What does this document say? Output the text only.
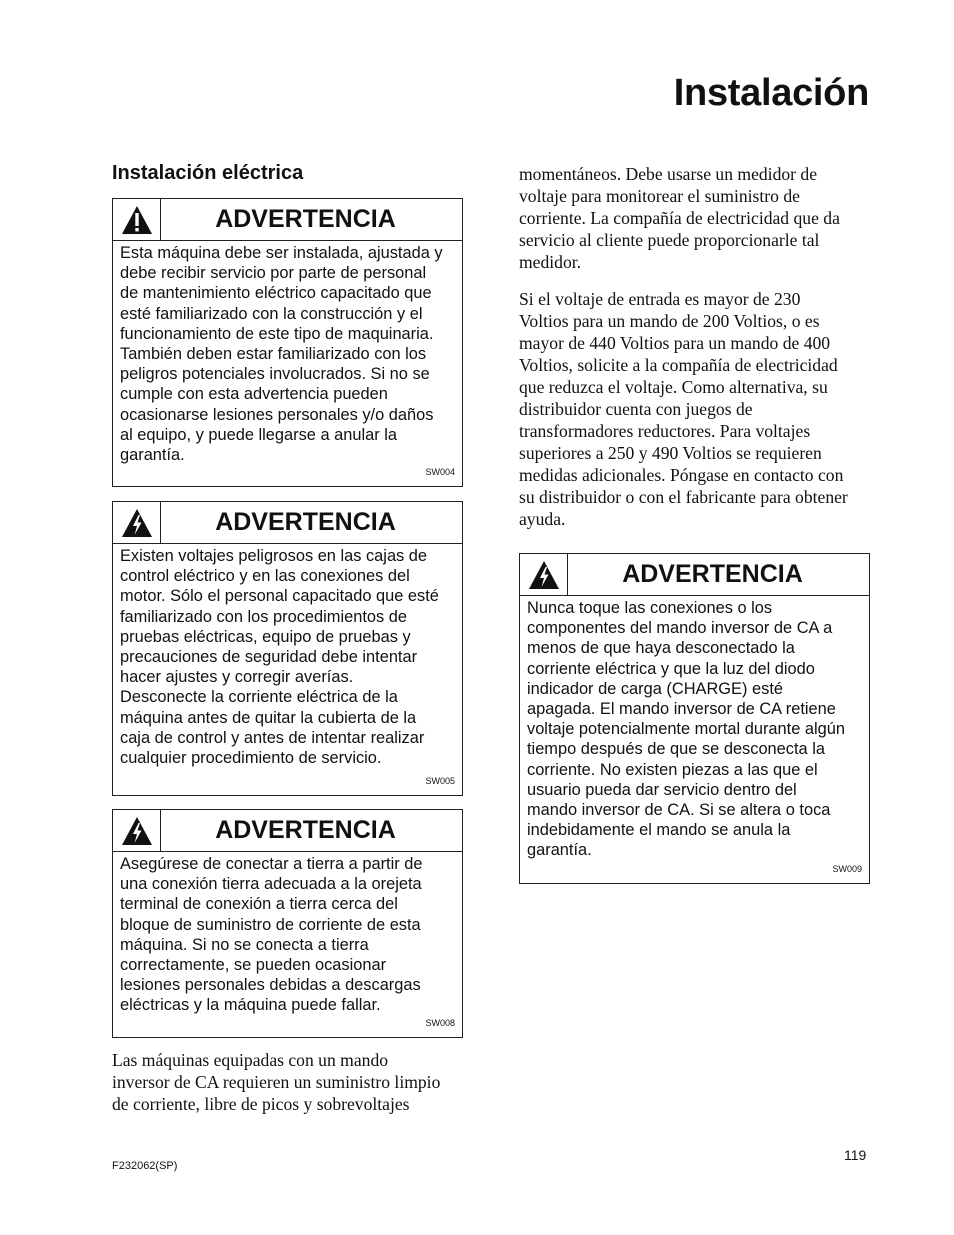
Instalación
Instalación eléctrica
ADVERTENCIA
Esta máquina debe ser instalada, ajustada y
debe recibir servicio por parte de personal
de mantenimiento eléctrico capacitado que
esté familiarizado con la construcción y el
funcionamiento de este tipo de maquinaria.
También deben estar familiarizado con los
peligros potenciales involucrados. Si no se
cumple con esta advertencia pueden
ocasionarse lesiones personales y/o daños
al equipo, y puede llegarse a anular la
garantía.
SW004
ADVERTENCIA
Existen voltajes peligrosos en las cajas de
control eléctrico y en las conexiones del
motor. Sólo el personal capacitado que esté
familiarizado con los procedimientos de
pruebas eléctricas, equipo de pruebas y
precauciones de seguridad debe intentar
hacer ajustes y corregir averías.
Desconecte la corriente eléctrica de la
máquina antes de quitar la cubierta de la
caja de control y antes de intentar realizar
cualquier procedimiento de servicio.
SW005
ADVERTENCIA
Asegúrese de conectar a tierra a partir de
una conexión tierra adecuada a la orejeta
terminal de conexión a tierra cerca del
bloque de suministro de corriente de esta
máquina. Si no se conecta a tierra
correctamente, se pueden ocasionar
lesiones personales debidas a descargas
eléctricas y la máquina puede fallar.
SW008
Las máquinas equipadas con un mando
inversor de CA requieren un suministro limpio
de corriente, libre de picos y sobrevoltajes
momentáneos. Debe usarse un medidor de
voltaje para monitorear el suministro de
corriente. La compañía de electricidad que da
servicio al cliente puede proporcionarle tal
medidor.
Si el voltaje de entrada es mayor de 230
Voltios para un mando de 200 Voltios, o es
mayor de 440 Voltios para un mando de 400
Voltios, solicite a la compañía de electricidad
que reduzca el voltaje. Como alternativa, su
distribuidor cuenta con juegos de
transformadores reductores. Para voltajes
superiores a 250 y 490 Voltios se requieren
medidas adicionales. Póngase en contacto con
su distribuidor o con el fabricante para obtener
ayuda.
ADVERTENCIA
Nunca toque las conexiones o los
componentes del mando inversor de CA a
menos de que haya desconectado la
corriente eléctrica y que la luz del diodo
indicador de carga (CHARGE) esté
apagada. El mando inversor de CA retiene
voltaje potencialmente mortal durante algún
tiempo después de que se desconecta la
corriente. No existen piezas a las que el
usuario pueda dar servicio dentro del
mando inversor de CA. Si se altera o toca
indebidamente el mando se anula la
garantía.
SW009
119
F232062(SP)
